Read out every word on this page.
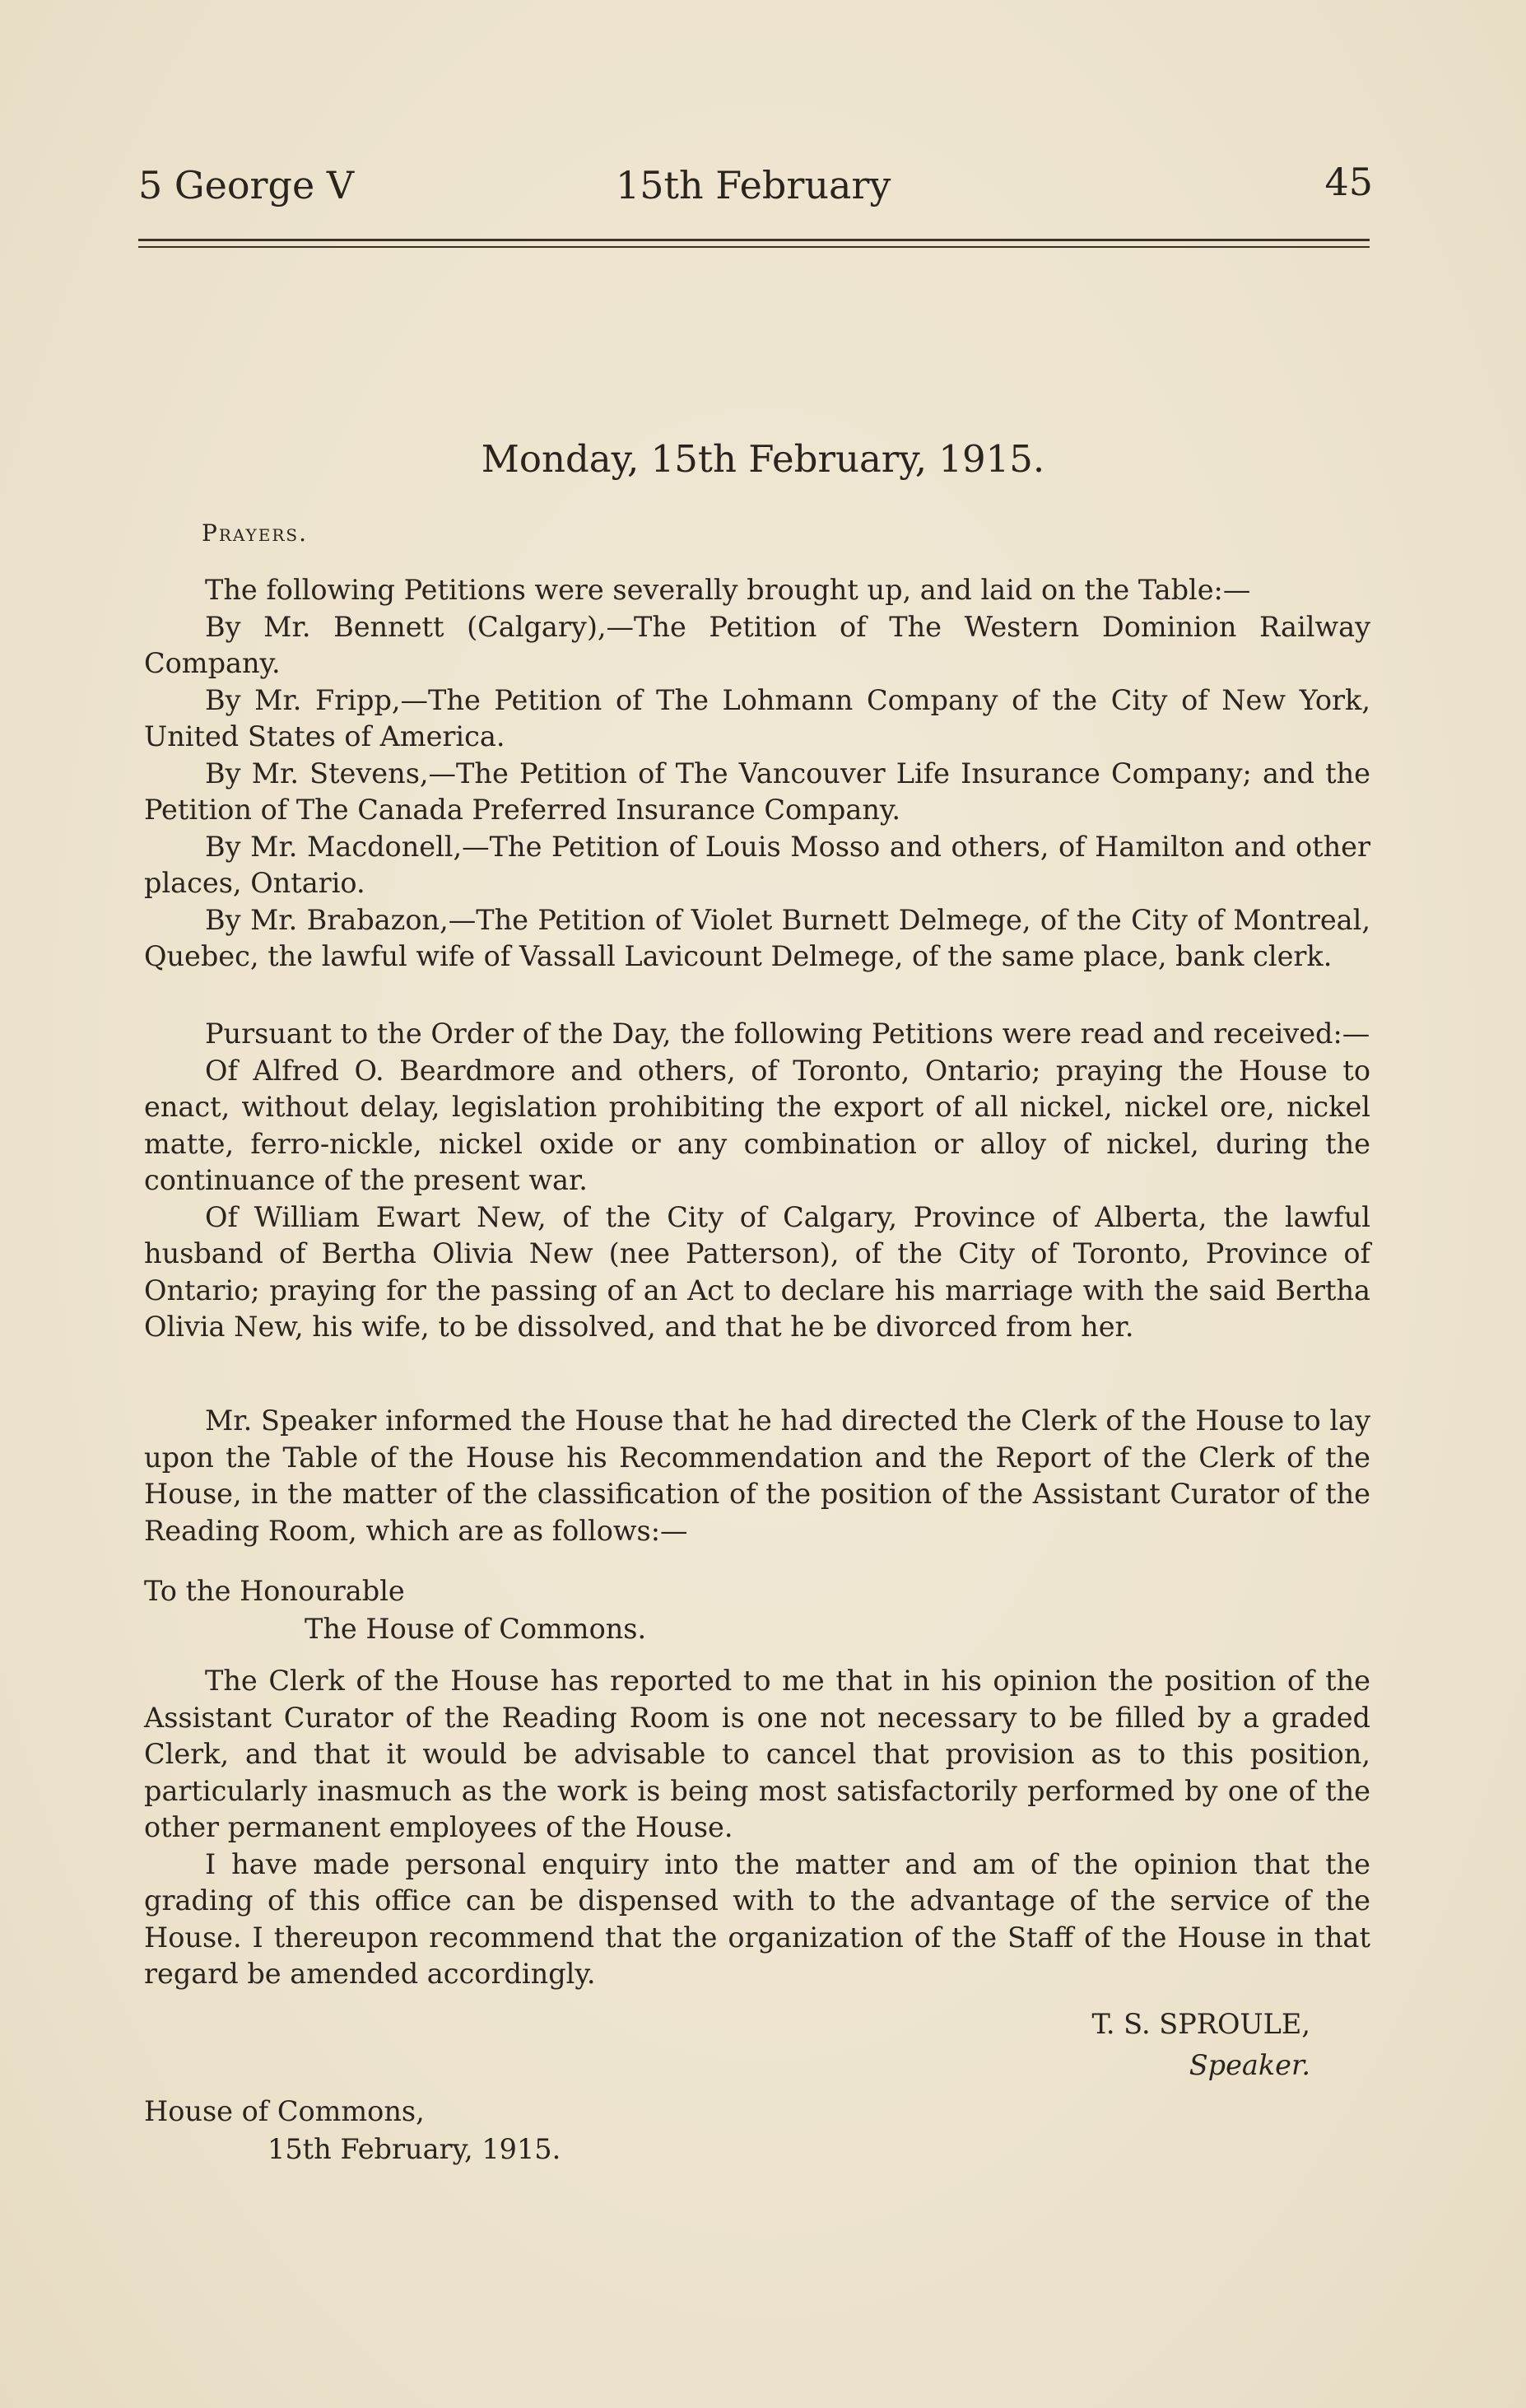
5 George V	15th February	45
Monday, 15th February, 1915.
Prayers.

The following Petitions were severally brought up, and laid on the Table:—

By Mr. Bennett (Calgary),—The Petition of The Western Dominion Railway Company.

By Mr. Fripp,—The Petition of The Lohmann Company of the City of New York, United States of America.

By Mr. Stevens,—The Petition of The Vancouver Life Insurance Company; and the Petition of The Canada Preferred Insurance Company.

By Mr. Macdonell,—The Petition of Louis Mosso and others, of Hamilton and other places, Ontario.

By Mr. Brabazon,—The Petition of Violet Burnett Delmege, of the City of Montreal, Quebec, the lawful wife of Vassall Lavicount Delmege, of the same place, bank clerk.

Pursuant to the Order of the Day, the following Petitions were read and received:—

Of Alfred O. Beardmore and others, of Toronto, Ontario; praying the House to enact, without delay, legislation prohibiting the export of all nickel, nickel ore, nickel matte, ferro-nickle, nickel oxide or any combination or alloy of nickel, during the continuance of the present war.

Of William Ewart New, of the City of Calgary, Province of Alberta, the lawful husband of Bertha Olivia New (nee Patterson), of the City of Toronto, Province of Ontario; praying for the passing of an Act to declare his marriage with the said Bertha Olivia New, his wife, to be dissolved, and that he be divorced from her.

Mr. Speaker informed the House that he had directed the Clerk of the House to lay upon the Table of the House his Recommendation and the Report of the Clerk of the House, in the matter of the classification of the position of the Assistant Curator of the Reading Room, which are as follows:—

To the Honourable
The House of Commons.

The Clerk of the House has reported to me that in his opinion the position of the Assistant Curator of the Reading Room is one not necessary to be filled by a graded Clerk, and that it would be advisable to cancel that provision as to this position, particularly inasmuch as the work is being most satisfactorily performed by one of the other permanent employees of the House.

I have made personal enquiry into the matter and am of the opinion that the grading of this office can be dispensed with to the advantage of the service of the House. I thereupon recommend that the organization of the Staff of the House in that regard be amended accordingly.

T. S. SPROULE,
Speaker.
House of Commons,
15th February, 1915.
